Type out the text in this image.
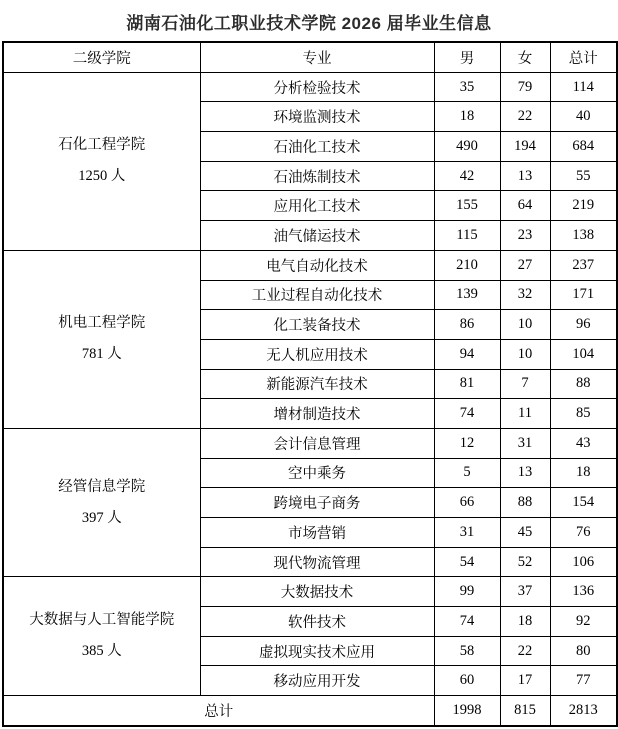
湖南石油化工职业技术学院 2026 届毕业生信息
二级学院	专业	男	女	总计

石化工程学院
1250 人	分析检验技术	35	79	114
	环境监测技术	18	22	40
	石油化工技术	490	194	684
	石油炼制技术	42	13	55
	应用化工技术	155	64	219
	油气储运技术	115	23	138

机电工程学院
781 人	电气自动化技术	210	27	237
	工业过程自动化技术	139	32	171
	化工装备技术	86	10	96
	无人机应用技术	94	10	104
	新能源汽车技术	81	7	88
	增材制造技术	74	11	85

经管信息学院
397 人	会计信息管理	12	31	43
	空中乘务	5	13	18
	跨境电子商务	66	88	154
	市场营销	31	45	76
	现代物流管理	54	52	106

大数据与人工智能学院
385 人	大数据技术	99	37	136
	软件技术	74	18	92
	虚拟现实技术应用	58	22	80
	移动应用开发	60	17	77
总计		1998	815	2813
